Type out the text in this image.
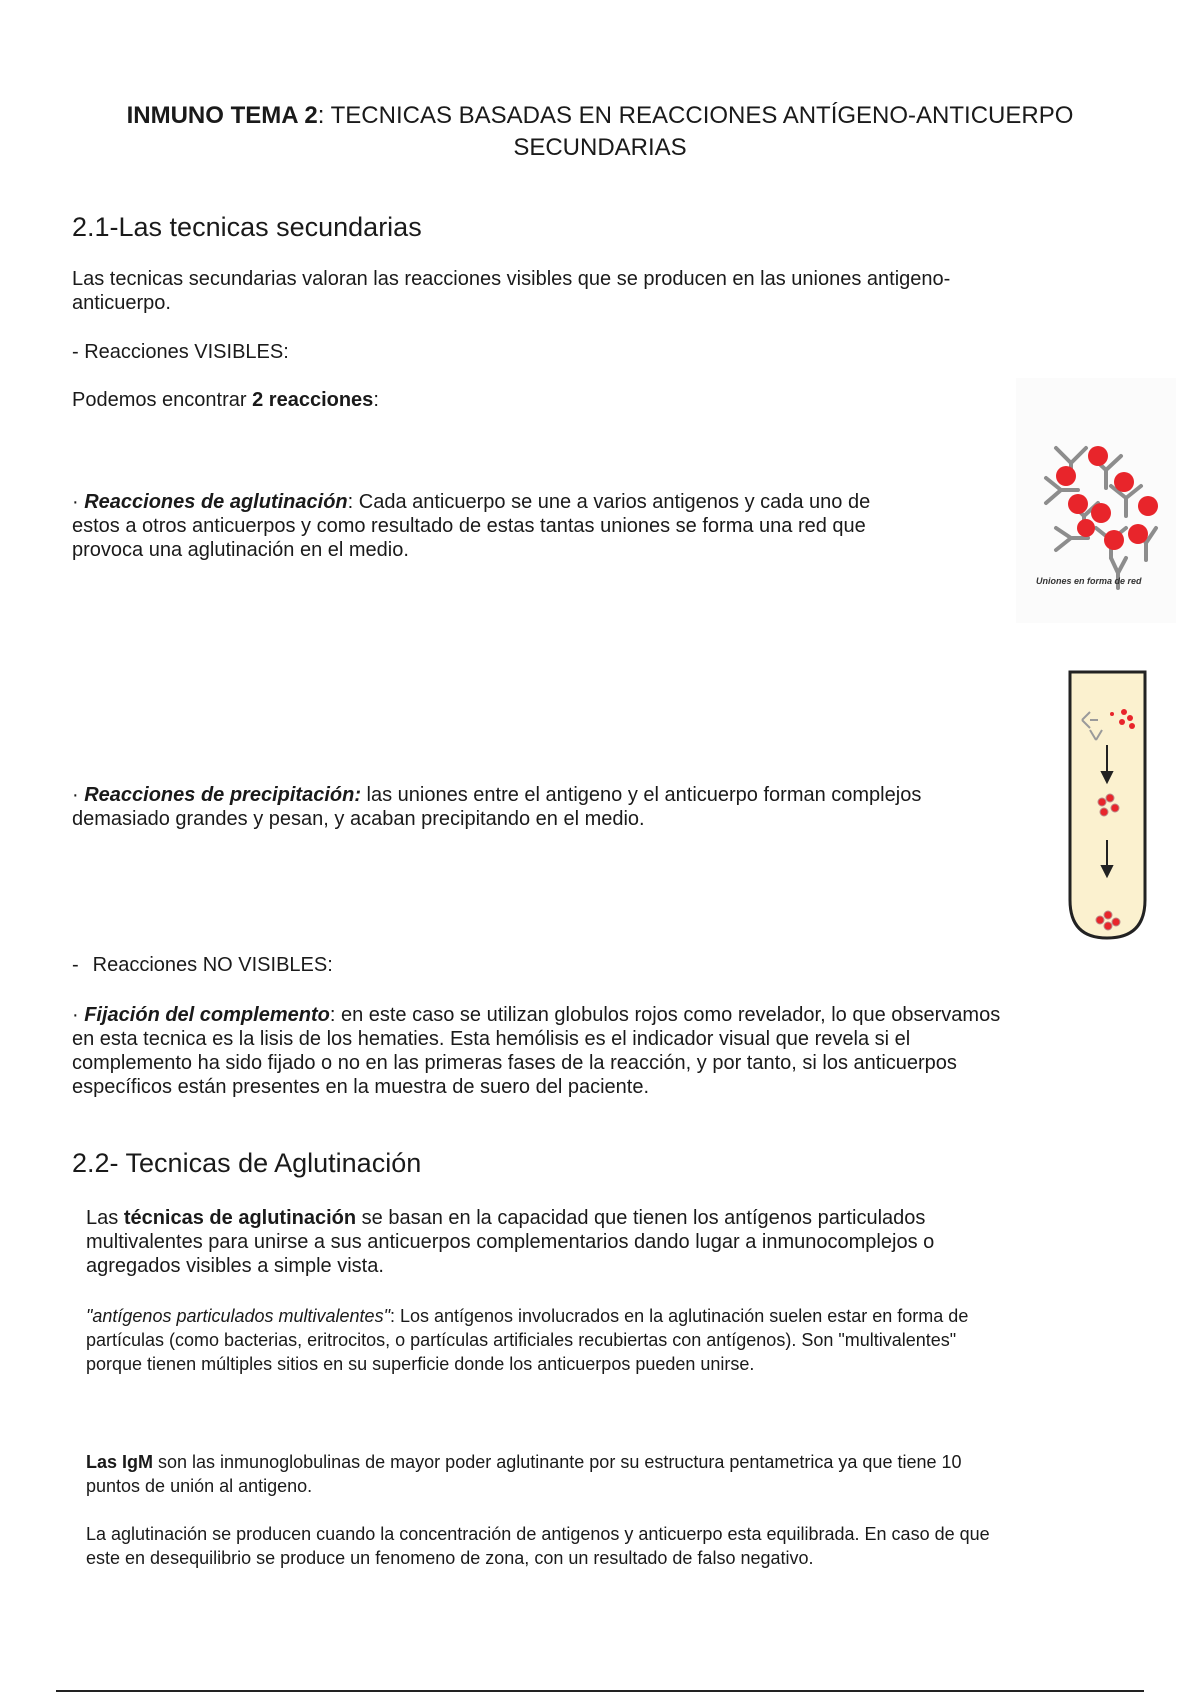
INMUNO TEMA 2: TECNICAS BASADAS EN REACCIONES ANTÍGENO-ANTICUERPO
SECUNDARIAS
2.1-Las tecnicas secundarias
Las tecnicas secundarias valoran las reacciones visibles que se producen en las uniones antigeno-
anticuerpo.
- Reacciones VISIBLES:
Podemos encontrar 2 reacciones:
· Reacciones de aglutinación: Cada anticuerpo se une a varios antigenos y cada uno de
estos a otros anticuerpos y como resultado de estas tantas uniones se forma una red que
provoca una aglutinación en el medio.
Uniones en forma de red
· Reacciones de precipitación: las uniones entre el antigeno y el anticuerpo forman complejos
demasiado grandes y pesan, y acaban precipitando en el medio.
- Reacciones NO VISIBLES:
· Fijación del complemento: en este caso se utilizan globulos rojos como revelador, lo que observamos
en esta tecnica es la lisis de los hematies. Esta hemólisis es el indicador visual que revela si el
complemento ha sido fijado o no en las primeras fases de la reacción, y por tanto, si los anticuerpos
específicos están presentes en la muestra de suero del paciente.
2.2- Tecnicas de Aglutinación
Las técnicas de aglutinación se basan en la capacidad que tienen los antígenos particulados
multivalentes para unirse a sus anticuerpos complementarios dando lugar a inmunocomplejos o
agregados visibles a simple vista.
"antígenos particulados multivalentes": Los antígenos involucrados en la aglutinación suelen estar en forma de
partículas (como bacterias, eritrocitos, o partículas artificiales recubiertas con antígenos). Son "multivalentes"
porque tienen múltiples sitios en su superficie donde los anticuerpos pueden unirse.
Las IgM son las inmunoglobulinas de mayor poder aglutinante por su estructura pentametrica ya que tiene 10
puntos de unión al antigeno.
La aglutinación se producen cuando la concentración de antigenos y anticuerpo esta equilibrada. En caso de que
este en desequilibrio se produce un fenomeno de zona, con un resultado de falso negativo.
